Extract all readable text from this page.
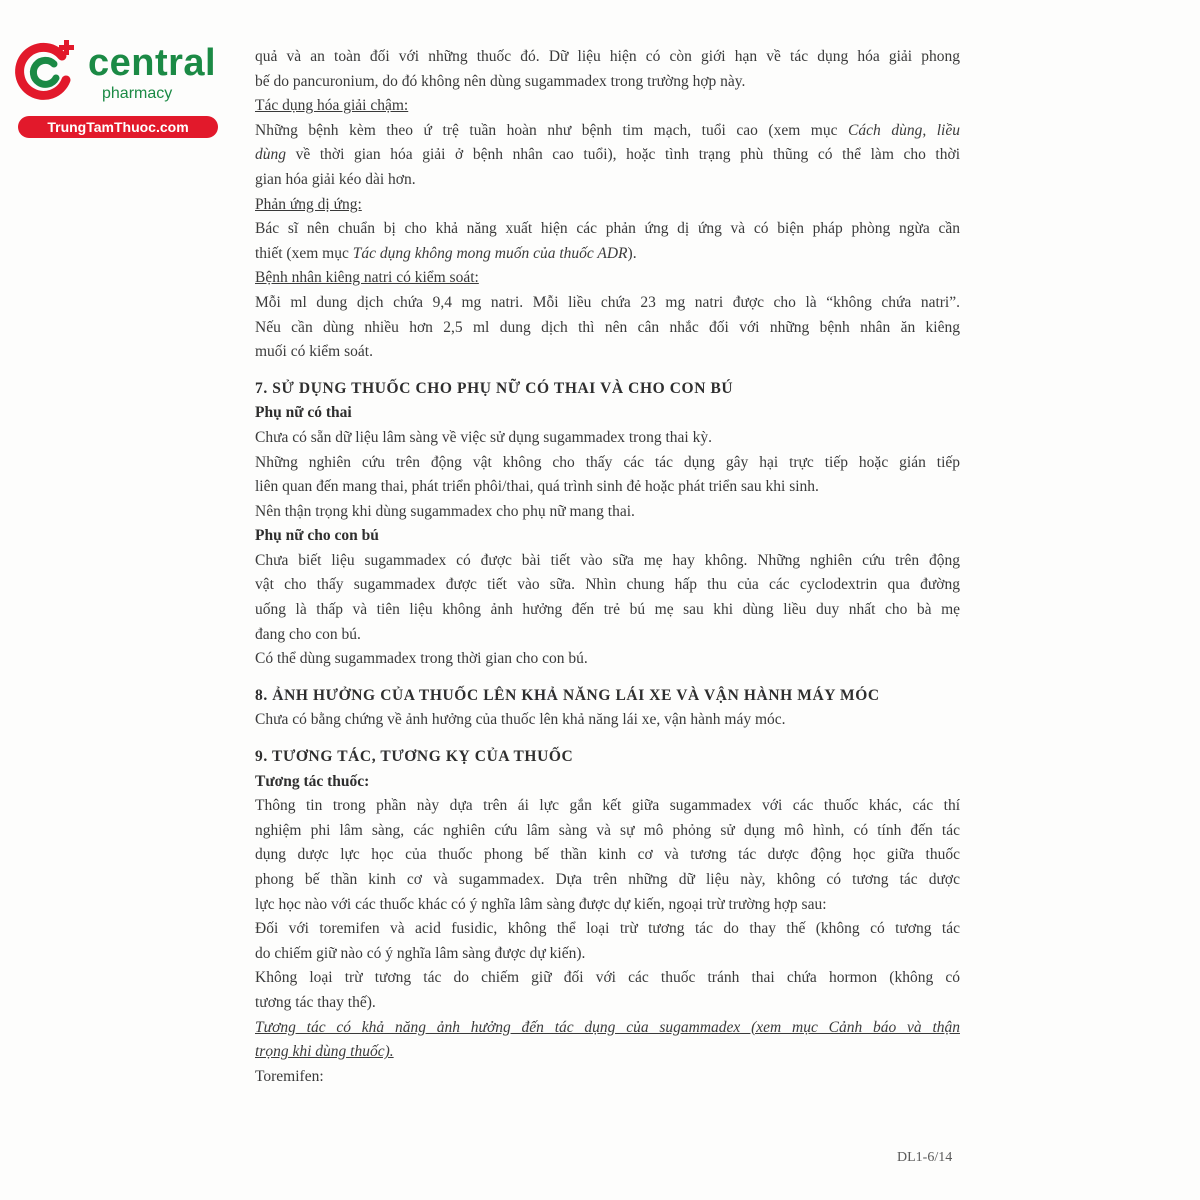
central
pharmacy
TrungTamThuoc.com

quả và an toàn đối với những thuốc đó. Dữ liệu hiện có còn giới hạn về tác dụng hóa giải phong

bế do pancuronium, do đó không nên dùng sugammadex trong trường hợp này.

Tác dụng hóa giải chậm:

Những bệnh kèm theo ứ trệ tuần hoàn như bệnh tim mạch, tuổi cao (xem mục Cách dùng, liều

dùng về thời gian hóa giải ở bệnh nhân cao tuổi), hoặc tình trạng phù thũng có thể làm cho thời

gian hóa giải kéo dài hơn.

Phản ứng dị ứng:

Bác sĩ nên chuẩn bị cho khả năng xuất hiện các phản ứng dị ứng và có biện pháp phòng ngừa cần

thiết (xem mục Tác dụng không mong muốn của thuốc ADR).

Bệnh nhân kiêng natri có kiểm soát:

Mỗi ml dung dịch chứa 9,4 mg natri. Mỗi liều chứa 23 mg natri được cho là “không chứa natri”.

Nếu cần dùng nhiều hơn 2,5 ml dung dịch thì nên cân nhắc đối với những bệnh nhân ăn kiêng

muối có kiểm soát.

7. SỬ DỤNG THUỐC CHO PHỤ NỮ CÓ THAI VÀ CHO CON BÚ

Phụ nữ có thai

Chưa có sẵn dữ liệu lâm sàng về việc sử dụng sugammadex trong thai kỳ.

Những nghiên cứu trên động vật không cho thấy các tác dụng gây hại trực tiếp hoặc gián tiếp

liên quan đến mang thai, phát triển phôi/thai, quá trình sinh đẻ hoặc phát triển sau khi sinh.

Nên thận trọng khi dùng sugammadex cho phụ nữ mang thai.

Phụ nữ cho con bú

Chưa biết liệu sugammadex có được bài tiết vào sữa mẹ hay không. Những nghiên cứu trên động

vật cho thấy sugammadex được tiết vào sữa. Nhìn chung hấp thu của các cyclodextrin qua đường

uống là thấp và tiên liệu không ảnh hưởng đến trẻ bú mẹ sau khi dùng liều duy nhất cho bà mẹ

đang cho con bú.

Có thể dùng sugammadex trong thời gian cho con bú.

8. ẢNH HƯỞNG CỦA THUỐC LÊN KHẢ NĂNG LÁI XE VÀ VẬN HÀNH MÁY MÓC

Chưa có bằng chứng về ảnh hưởng của thuốc lên khả năng lái xe, vận hành máy móc.

9. TƯƠNG TÁC, TƯƠNG KỴ CỦA THUỐC

Tương tác thuốc:

Thông tin trong phần này dựa trên ái lực gắn kết giữa sugammadex với các thuốc khác, các thí

nghiệm phi lâm sàng, các nghiên cứu lâm sàng và sự mô phỏng sử dụng mô hình, có tính đến tác

dụng dược lực học của thuốc phong bế thần kinh cơ và tương tác dược động học giữa thuốc

phong bế thần kinh cơ và sugammadex. Dựa trên những dữ liệu này, không có tương tác dược

lực học nào với các thuốc khác có ý nghĩa lâm sàng được dự kiến, ngoại trừ trường hợp sau:

Đối với toremifen và acid fusidic, không thể loại trừ tương tác do thay thế (không có tương tác

do chiếm giữ nào có ý nghĩa lâm sàng được dự kiến).

Không loại trừ tương tác do chiếm giữ đối với các thuốc tránh thai chứa hormon (không có

tương tác thay thế).

Tương tác có khả năng ảnh hưởng đến tác dụng của sugammadex (xem mục Cảnh báo và thận

trọng khi dùng thuốc).

Toremifen:

DL1-6/14
